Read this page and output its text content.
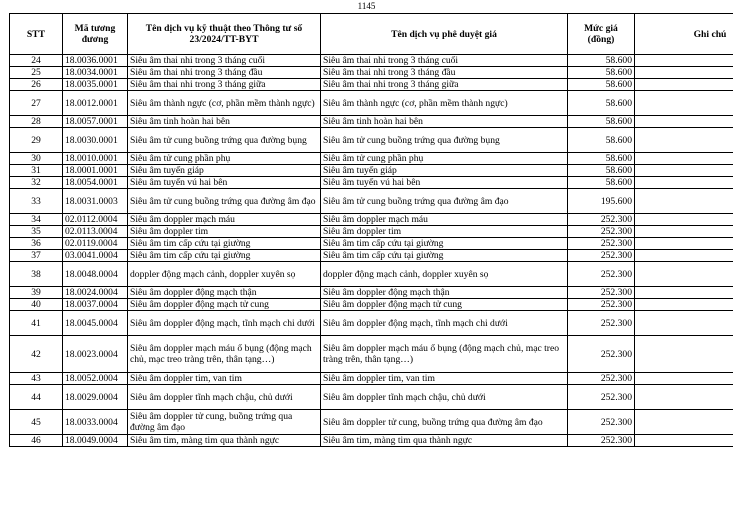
1145
STT	Mã tương đương	Tên dịch vụ kỹ thuật theo Thông tư số 23/2024/TT-BYT	Tên dịch vụ phê duyệt giá	Mức giá (đồng)	Ghi chú
24	18.0036.0001	Siêu âm thai nhi trong 3 tháng cuối	Siêu âm thai nhi trong 3 tháng cuối	58.600	
25	18.0034.0001	Siêu âm thai nhi trong 3 tháng đầu	Siêu âm thai nhi trong 3 tháng đầu	58.600	
26	18.0035.0001	Siêu âm thai nhi trong 3 tháng giữa	Siêu âm thai nhi trong 3 tháng giữa	58.600	
27	18.0012.0001	Siêu âm thành ngực (cơ, phần mềm thành ngực)	Siêu âm thành ngực (cơ, phần mềm thành ngực)	58.600	
28	18.0057.0001	Siêu âm tinh hoàn hai bên	Siêu âm tinh hoàn hai bên	58.600	
29	18.0030.0001	Siêu âm tử cung buồng trứng qua đường bụng	Siêu âm tử cung buồng trứng qua đường bụng	58.600	
30	18.0010.0001	Siêu âm tử cung phần phụ	Siêu âm tử cung phần phụ	58.600	
31	18.0001.0001	Siêu âm tuyến giáp	Siêu âm tuyến giáp	58.600	
32	18.0054.0001	Siêu âm tuyến vú hai bên	Siêu âm tuyến vú hai bên	58.600	
33	18.0031.0003	Siêu âm tử cung buồng trứng qua đường âm đạo	Siêu âm tử cung buồng trứng qua đường âm đạo	195.600	
34	02.0112.0004	Siêu âm doppler mạch máu	Siêu âm doppler mạch máu	252.300	
35	02.0113.0004	Siêu âm doppler tim	Siêu âm doppler tim	252.300	
36	02.0119.0004	Siêu âm tim cấp cứu tại giường	Siêu âm tim cấp cứu tại giường	252.300	
37	03.0041.0004	Siêu âm tim cấp cứu tại giường	Siêu âm tim cấp cứu tại giường	252.300	
38	18.0048.0004	doppler động mạch cảnh, doppler xuyên sọ	doppler động mạch cảnh, doppler xuyên sọ	252.300	
39	18.0024.0004	Siêu âm doppler động mạch thận	Siêu âm doppler động mạch thận	252.300	
40	18.0037.0004	Siêu âm doppler động mạch tử cung	Siêu âm doppler động mạch tử cung	252.300	
41	18.0045.0004	Siêu âm doppler động mạch, tĩnh mạch chi dưới	Siêu âm doppler động mạch, tĩnh mạch chi dưới	252.300	
42	18.0023.0004	Siêu âm doppler mạch máu ổ bụng (động mạch chủ, mạc treo tràng trên, thân tạng…)	Siêu âm doppler mạch máu ổ bụng (động mạch chủ, mạc treo tràng trên, thân tạng…)	252.300	
43	18.0052.0004	Siêu âm doppler tim, van tim	Siêu âm doppler tim, van tim	252.300	
44	18.0029.0004	Siêu âm doppler tĩnh mạch chậu, chủ dưới	Siêu âm doppler tĩnh mạch chậu, chủ dưới	252.300	
45	18.0033.0004	Siêu âm doppler tử cung, buồng trứng qua đường âm đạo	Siêu âm doppler tử cung, buồng trứng qua đường âm đạo	252.300	
46	18.0049.0004	Siêu âm tim, màng tim qua thành ngực	Siêu âm tim, màng tim qua thành ngực	252.300	
